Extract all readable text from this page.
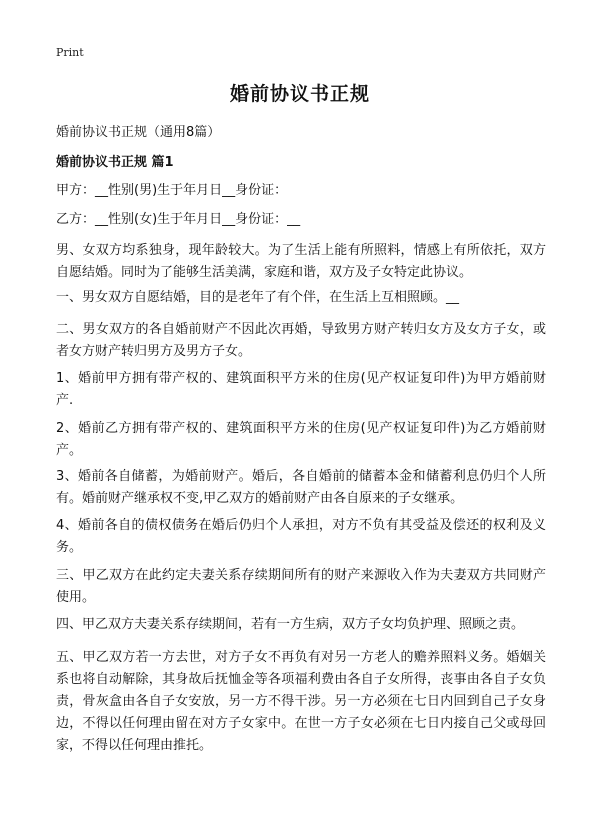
Print
婚前协议书正规
婚前协议书正规（通用8篇）
婚前协议书正规 篇1
甲方：__性别(男)生于年月日__身份证：
乙方：__性别(女)生于年月日__身份证：__
男、女双方均系独身，现年龄较大。为了生活上能有所照料，情感上有所依托，双方自愿结婚。同时为了能够生活美满，家庭和谐，双方及子女特定此协议。
一、男女双方自愿结婚，目的是老年了有个伴，在生活上互相照顾。__
二、男女双方的各自婚前财产不因此次再婚，导致男方财产转归女方及女方子女，或者女方财产转归男方及男方子女。
1、婚前甲方拥有带产权的、建筑面积平方米的住房(见产权证复印件)为甲方婚前财产.
2、婚前乙方拥有带产权的、建筑面积平方米的住房(见产权证复印件)为乙方婚前财产。
3、婚前各自储蓄，为婚前财产。婚后，各自婚前的储蓄本金和储蓄利息仍归个人所有。婚前财产继承权不变,甲乙双方的婚前财产由各自原来的子女继承。
4、婚前各自的债权债务在婚后仍归个人承担，对方不负有其受益及偿还的权利及义务。
三、甲乙双方在此约定夫妻关系存续期间所有的财产来源收入作为夫妻双方共同财产使用。
四、甲乙双方夫妻关系存续期间，若有一方生病，双方子女均负护理、照顾之责。
五、甲乙双方若一方去世，对方子女不再负有对另一方老人的赡养照料义务。婚姻关系也将自动解除，其身故后抚恤金等各项福利费由各自子女所得，丧事由各自子女负责，骨灰盒由各自子女安放，另一方不得干涉。另一方必须在七日内回到自己子女身边，不得以任何理由留在对方子女家中。在世一方子女必须在七日内接自己父或母回家，不得以任何理由推托。
